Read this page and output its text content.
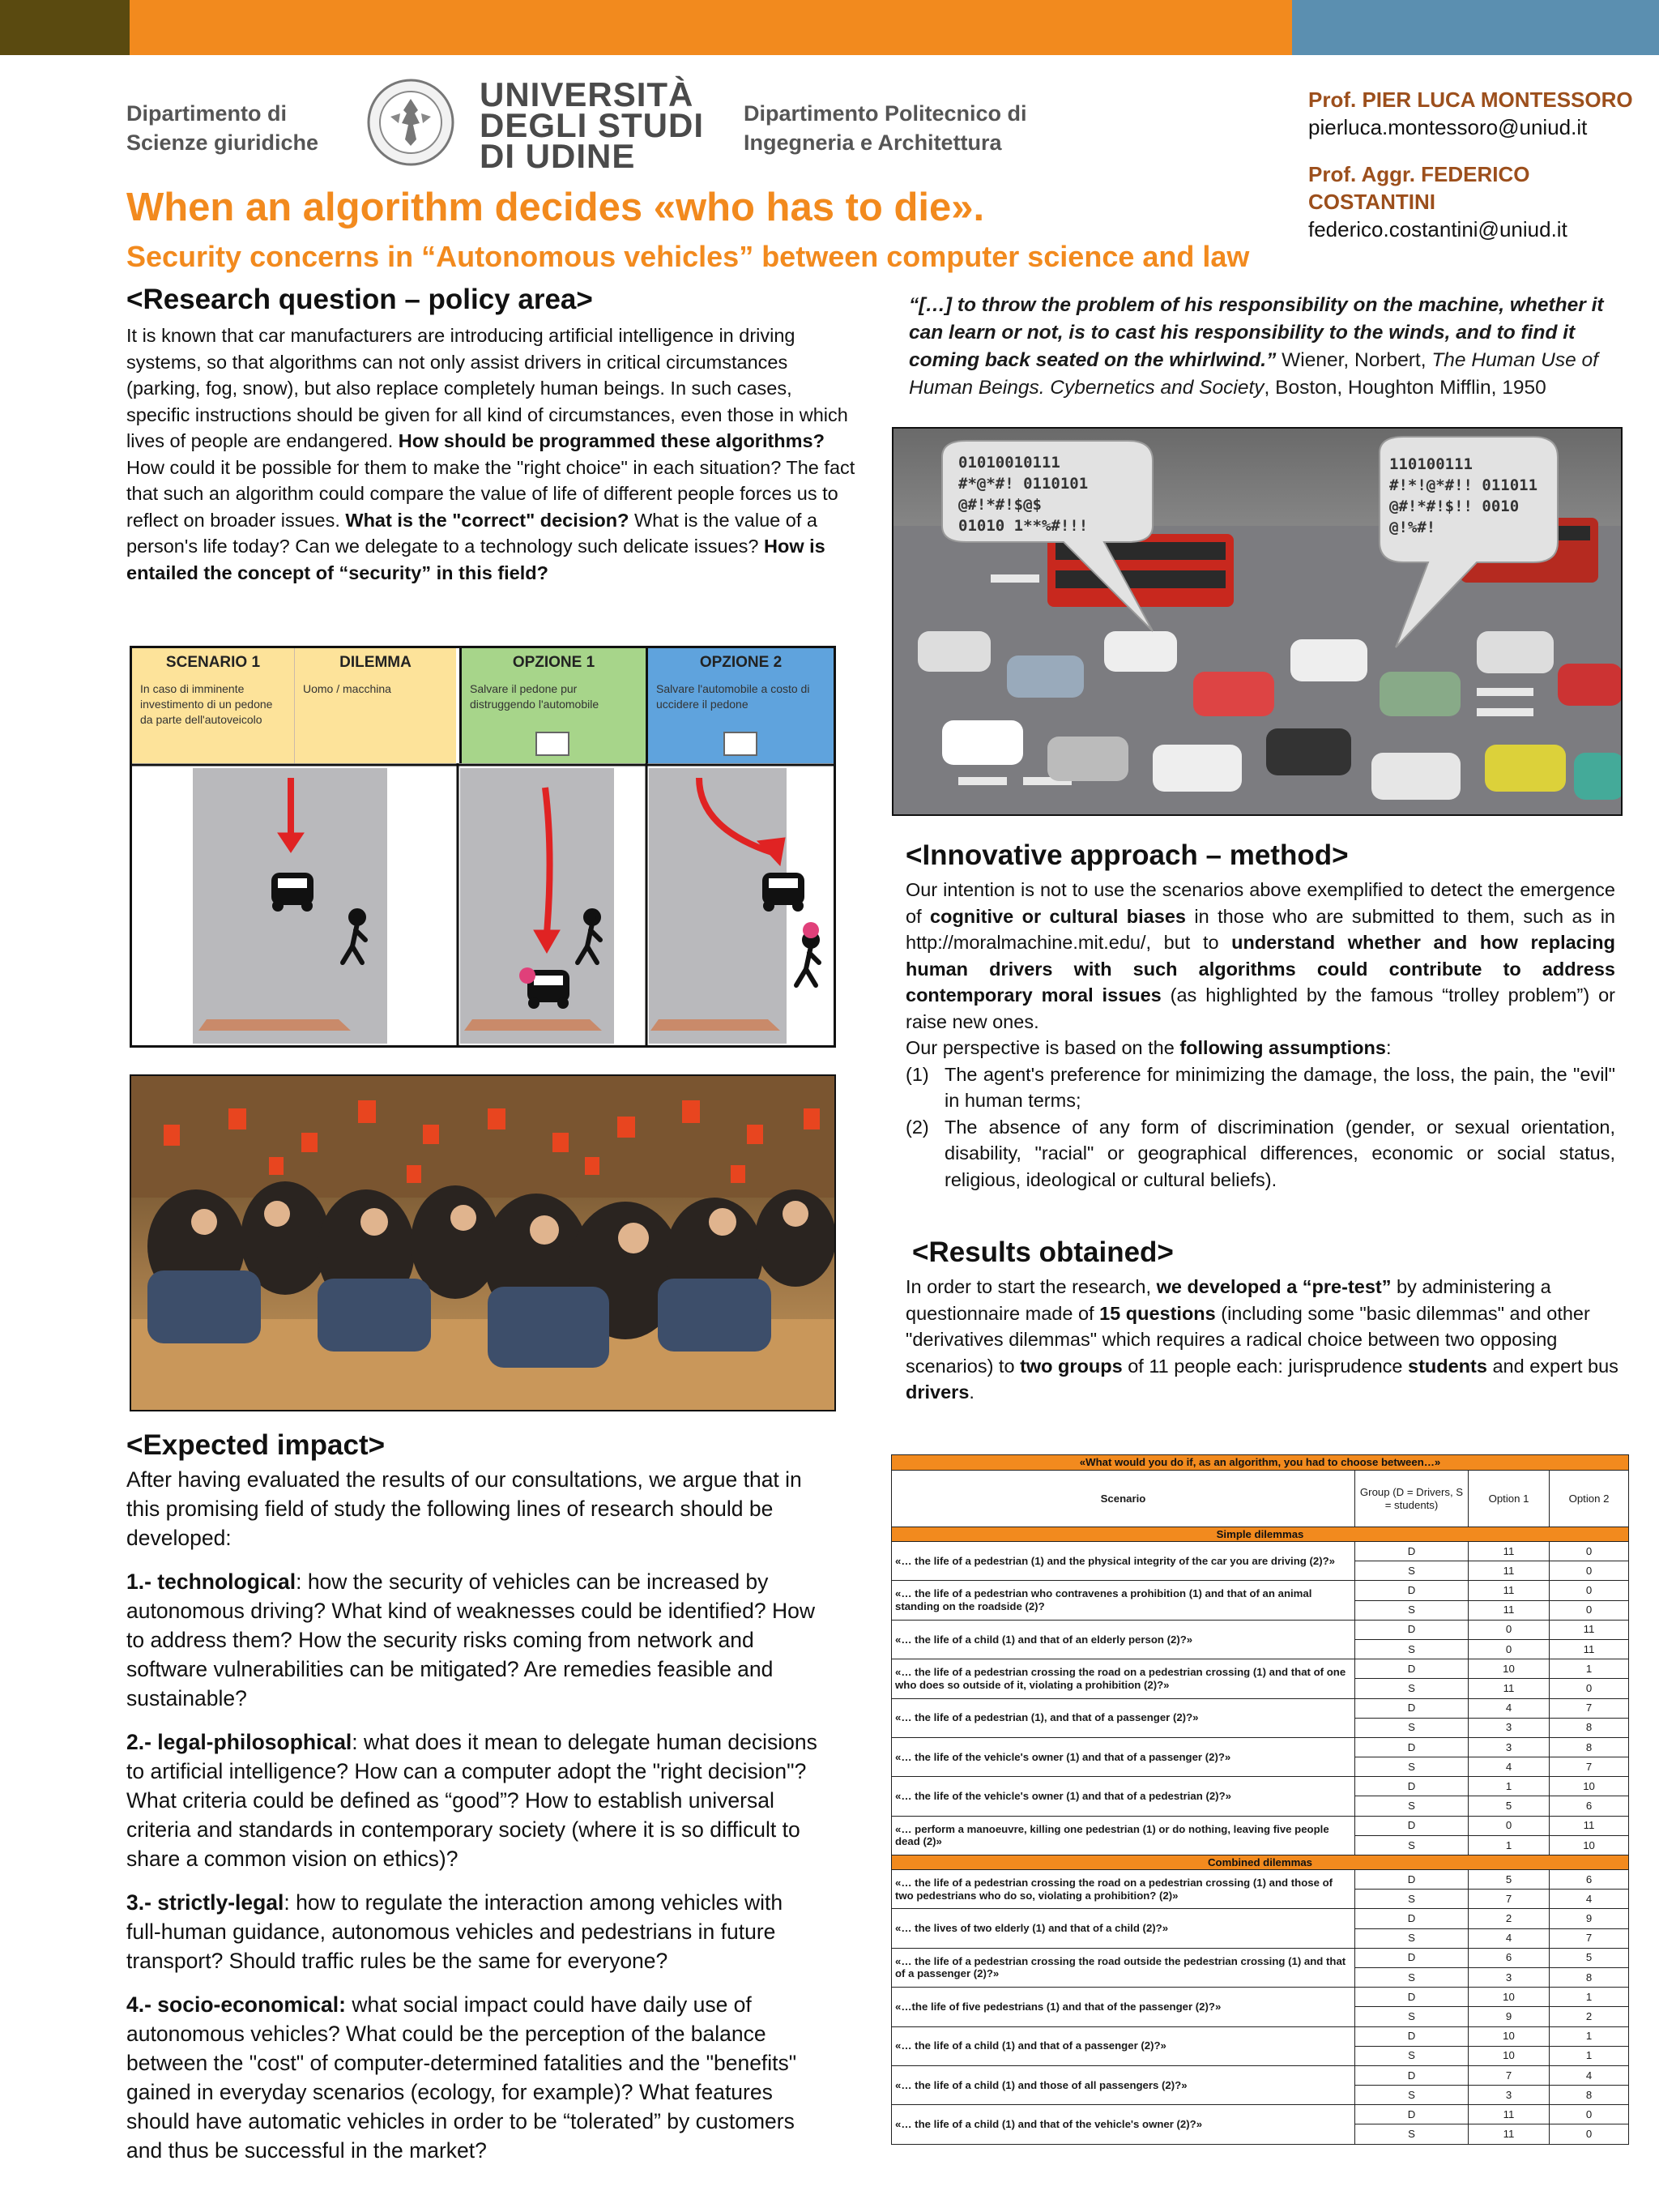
Dipartimento di
Scienze giuridiche
UNIVERSITÀ
DEGLI STUDI
DI UDINE
Dipartimento Politecnico di
Ingegneria e Architettura
Prof. PIER LUCA MONTESSORO
pierluca.montessoro@uniud.it
Prof. Aggr. FEDERICO COSTANTINI
federico.costantini@uniud.it
When an algorithm decides «who has to die».
Security concerns in “Autonomous vehicles” between computer science and law
<Research question – policy area>
It is known that car manufacturers are introducing artificial intelligence in driving systems, so that algorithms can not only assist drivers in critical circumstances (parking, fog, snow), but also replace completely human beings. In such cases, specific instructions should be given for all kind of circumstances, even those in which lives of people are endangered. How should be programmed these algorithms? How could it be possible for them to make the "right choice" in each situation? The fact that such an algorithm could compare the value of life of different people forces us to reflect on broader issues. What is the "correct" decision? What is the value of a person's life today? Can we delegate to a technology such delicate issues? How is entailed the concept of “security” in this field?
“[…] to throw the problem of his responsibility on the machine, whether it can learn or not, is to cast his responsibility to the winds, and to find it coming back seated on the whirlwind.” Wiener, Norbert, The Human Use of Human Beings. Cybernetics and Society, Boston, Houghton Mifflin, 1950
01010010111
#*@*#! 0110101
@#!*#!$@$
01010 1**%#!!!
110100111
#!*!@*#!! 011011
@#!*#!$!! 0010
@!%#!
SCENARIO 1
In caso di imminente investimento di un pedone da parte dell'autoveicolo
DILEMMA
Uomo / macchina
OPZIONE 1
Salvare il pedone pur distruggendo l'automobile
OPZIONE 2
Salvare l'automobile a costo di uccidere il pedone
<Innovative approach – method>
Our intention is not to use the scenarios above exemplified to detect the emergence of cognitive or cultural biases in those who are submitted to them, such as in http://moralmachine.mit.edu/, but to understand whether and how replacing human drivers with such algorithms could contribute to address contemporary moral issues (as highlighted by the famous “trolley problem”) or raise new ones.
Our perspective is based on the following assumptions:
(1) The agent's preference for minimizing the damage, the loss, the pain, the "evil" in human terms;
(2) The absence of any form of discrimination (gender, or sexual orientation, disability, "racial" or geographical differences, economic or social status, religious, ideological or cultural beliefs).
<Results obtained>
In order to start the research, we developed a “pre-test” by administering a questionnaire made of 15 questions (including some "basic dilemmas" and other "derivatives dilemmas" which requires a radical choice between two opposing scenarios) to two groups of 11 people each: jurisprudence students and expert bus drivers.
<Expected impact>
After having evaluated the results of our consultations, we argue that in this promising field of study the following lines of research should be developed:
1.- technological: how the security of vehicles can be increased by autonomous driving? What kind of weaknesses could be identified? How to address them? How the security risks coming from network and software vulnerabilities can be mitigated? Are remedies feasible and sustainable?
2.- legal-philosophical: what does it mean to delegate human decisions to artificial intelligence? How can a computer adopt the "right decision"? What criteria could be defined as “good”? How to establish universal criteria and standards in contemporary society (where it is so difficult to share a common vision on ethics)?
3.- strictly-legal: how to regulate the interaction among vehicles with full-human guidance, autonomous vehicles and pedestrians in future transport? Should traffic rules be the same for everyone?
4.- socio-economical: what social impact could have daily use of autonomous vehicles? What could be the perception of the balance between the "cost" of computer-determined fatalities and the "benefits" gained in everyday scenarios (ecology, for example)? What features should have automatic vehicles in order to be “tolerated” by customers and thus be successful in the market?
«What would you do if, as an algorithm, you had to choose between…»			
Scenario	Group (D = Drivers, S = students)	Option 1	Option 2
Simple dilemmas			
«… the life of a pedestrian (1) and the physical integrity of the car you are driving (2)?»	D	11	0
	S	11	0
«… the life of a pedestrian who contravenes a prohibition (1) and that of an animal standing on the roadside (2)?	D	11	0
	S	11	0
«… the life of a child (1) and that of an elderly person (2)?»	D	0	11
	S	0	11
«… the life of a pedestrian crossing the road on a pedestrian crossing (1) and that of one who does so outside of it, violating a prohibition (2)?»	D	10	1
	S	11	0
«… the life of a pedestrian (1), and that of a passenger (2)?»	D	4	7
	S	3	8
«… the life of the vehicle's owner (1) and that of a passenger (2)?»	D	3	8
	S	4	7
«… the life of the vehicle's owner (1) and that of a pedestrian (2)?»	D	1	10
	S	5	6
«… perform a manoeuvre, killing one pedestrian (1) or do nothing, leaving five people dead (2)»	D	0	11
	S	1	10
Combined dilemmas			
«… the life of a pedestrian crossing the road on a pedestrian crossing (1) and those of two pedestrians who do so, violating a prohibition? (2)»	D	5	6
	S	7	4
«… the lives of two elderly (1) and that of a child (2)?»	D	2	9
	S	4	7
«… the life of a pedestrian crossing the road outside the pedestrian crossing (1) and that of a passenger (2)?»	D	6	5
	S	3	8
«…the life of five pedestrians (1) and that of the passenger (2)?»	D	10	1
	S	9	2
«… the life of a child (1) and that of a passenger (2)?»	D	10	1
	S	10	1
«… the life of a child (1) and those of all passengers (2)?»	D	7	4
	S	3	8
«… the life of a child (1) and that of the vehicle's owner (2)?»	D	11	0
	S	11	0
